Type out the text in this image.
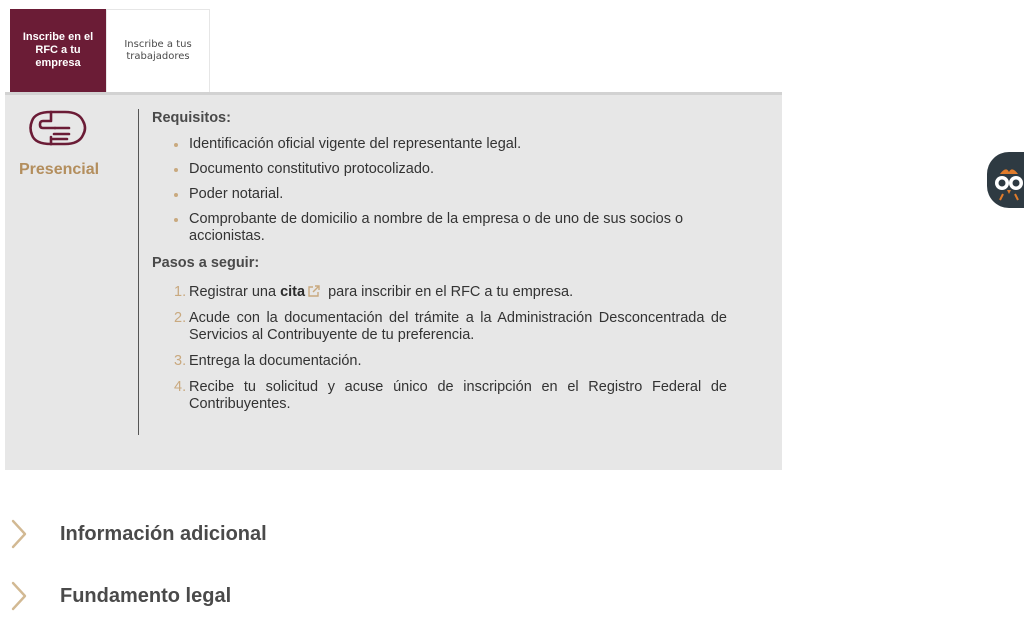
Inscribe en el RFC a tu empresa
Inscribe a tus trabajadores
Presencial
Requisitos:
Identificación oficial vigente del representante legal.
Documento constitutivo protocolizado.
Poder notarial.
Comprobante de domicilio a nombre de la empresa o de uno de sus socios o accionistas.
Pasos a seguir:
1. Registrar una cita para inscribir en el RFC a tu empresa.
2. Acude con la documentación del trámite a la Administración Desconcentrada de Servicios al Contribuyente de tu preferencia.
3. Entrega la documentación.
4. Recibe tu solicitud y acuse único de inscripción en el Registro Federal de Contribuyentes.
Información adicional
Fundamento legal
